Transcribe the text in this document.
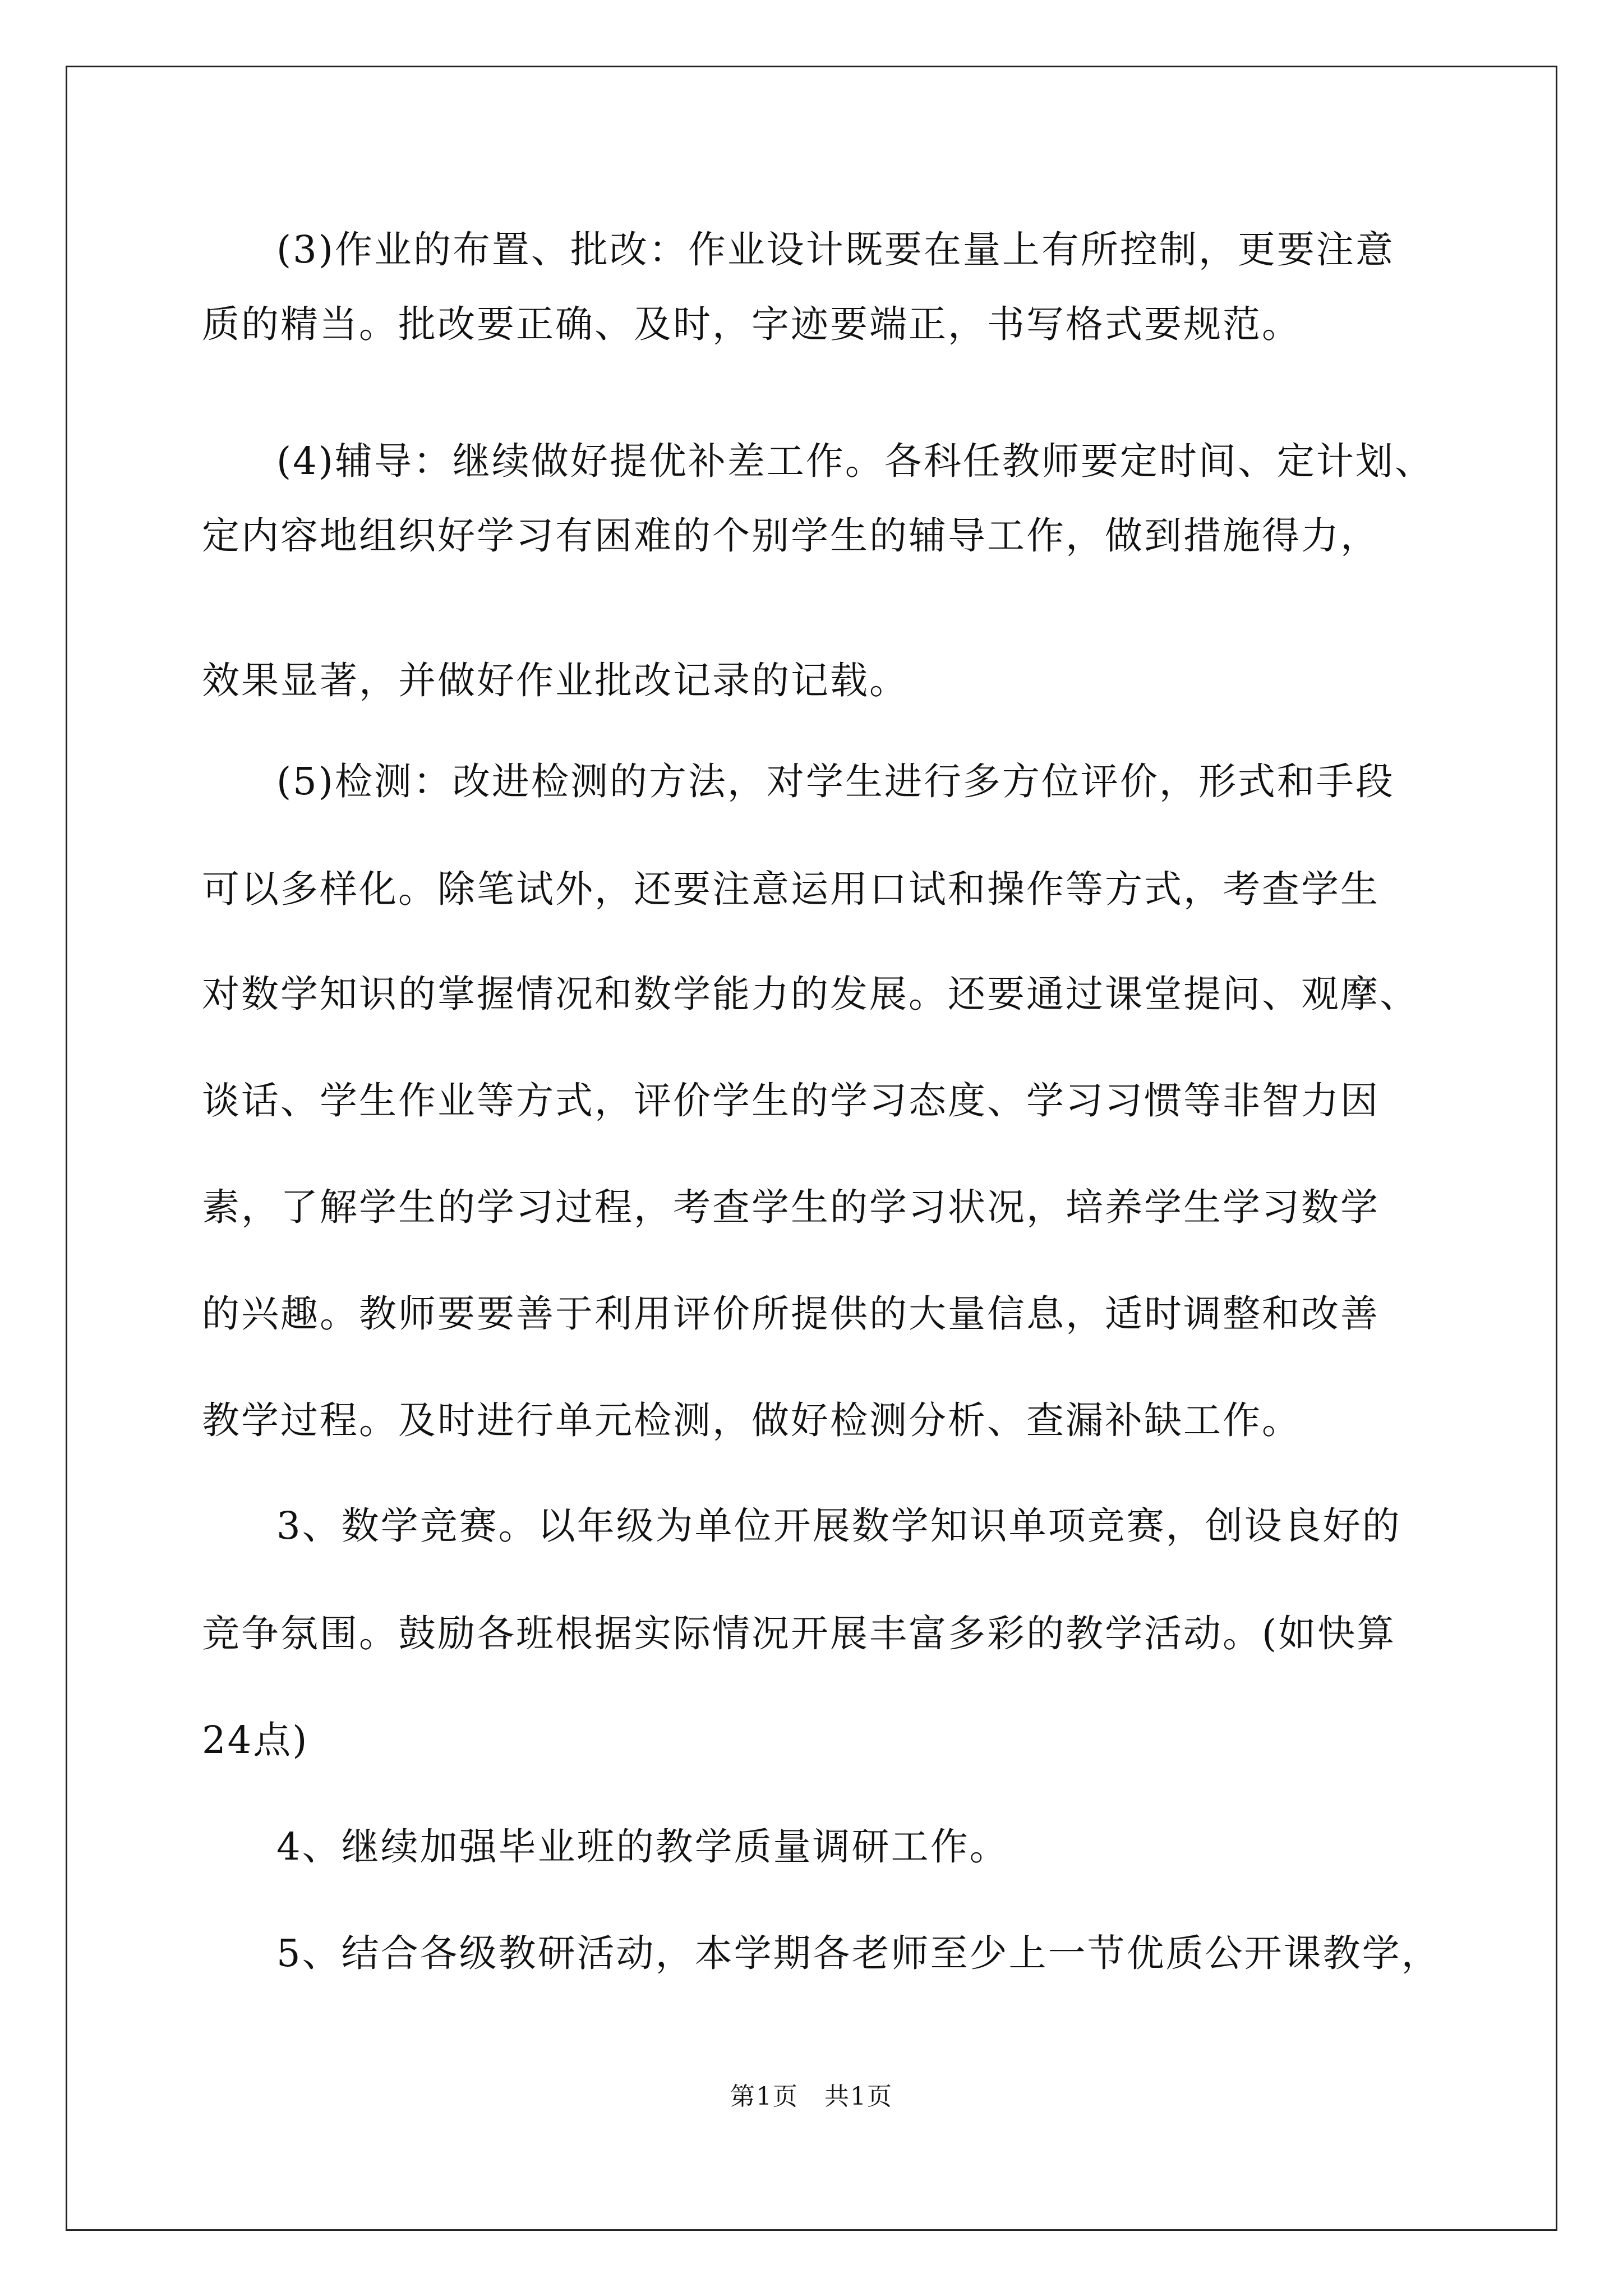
(3)作业的布置、批改：作业设计既要在量上有所控制，更要注意
质的精当。批改要正确、及时，字迹要端正，书写格式要规范。
(4)辅导：继续做好提优补差工作。各科任教师要定时间、定计划、
定内容地组织好学习有困难的个别学生的辅导工作，做到措施得力，
效果显著，并做好作业批改记录的记载。
(5)检测：改进检测的方法，对学生进行多方位评价，形式和手段
可以多样化。除笔试外，还要注意运用口试和操作等方式，考查学生
对数学知识的掌握情况和数学能力的发展。还要通过课堂提问、观摩、
谈话、学生作业等方式，评价学生的学习态度、学习习惯等非智力因
素，了解学生的学习过程，考查学生的学习状况，培养学生学习数学
的兴趣。教师要要善于利用评价所提供的大量信息，适时调整和改善
教学过程。及时进行单元检测，做好检测分析、查漏补缺工作。
3、数学竞赛。以年级为单位开展数学知识单项竞赛，创设良好的
竞争氛围。鼓励各班根据实际情况开展丰富多彩的教学活动。(如快算
24点)
4、继续加强毕业班的教学质量调研工作。
5、结合各级教研活动，本学期各老师至少上一节优质公开课教学，
第1页　共1页
